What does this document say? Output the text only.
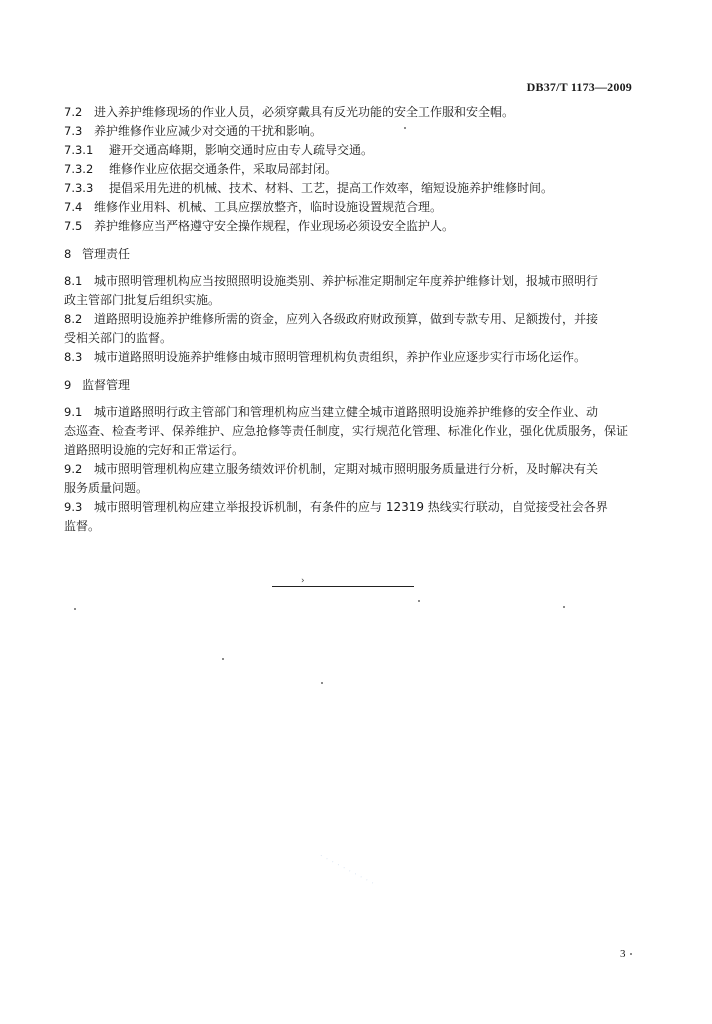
DB37/T 1173—2009
7.2 进入养护维修现场的作业人员，必须穿戴具有反光功能的安全工作服和安全帽。
7.3 养护维修作业应减少对交通的干扰和影响。
7.3.1 避开交通高峰期，影响交通时应由专人疏导交通。
7.3.2 维修作业应依据交通条件，采取局部封闭。
7.3.3 提倡采用先进的机械、技术、材料、工艺，提高工作效率，缩短设施养护维修时间。
7.4 维修作业用料、机械、工具应摆放整齐，临时设施设置规范合理。
7.5 养护维修应当严格遵守安全操作规程，作业现场必须设安全监护人。
8 管理责任
8.1 城市照明管理机构应当按照照明设施类别、养护标准定期制定年度养护维修计划，报城市照明行
政主管部门批复后组织实施。
8.2 道路照明设施养护维修所需的资金，应列入各级政府财政预算，做到专款专用、足额拨付，并接
受相关部门的监督。
8.3 城市道路照明设施养护维修由城市照明管理机构负责组织，养护作业应逐步实行市场化运作。
9 监督管理
9.1 城市道路照明行政主管部门和管理机构应当建立健全城市道路照明设施养护维修的安全作业、动
态巡查、检查考评、保养维护、应急抢修等责任制度，实行规范化管理、标准化作业，强化优质服务，保证道路照明设施的完好和正常运行。
9.2 城市照明管理机构应建立服务绩效评价机制，定期对城市照明服务质量进行分析，及时解决有关
服务质量问题。
9.3 城市照明管理机构应建立举报投诉机制，有条件的应与 12319 热线实行联动，自觉接受社会各界
监督。
›
· · · · · · · · · ·
3
